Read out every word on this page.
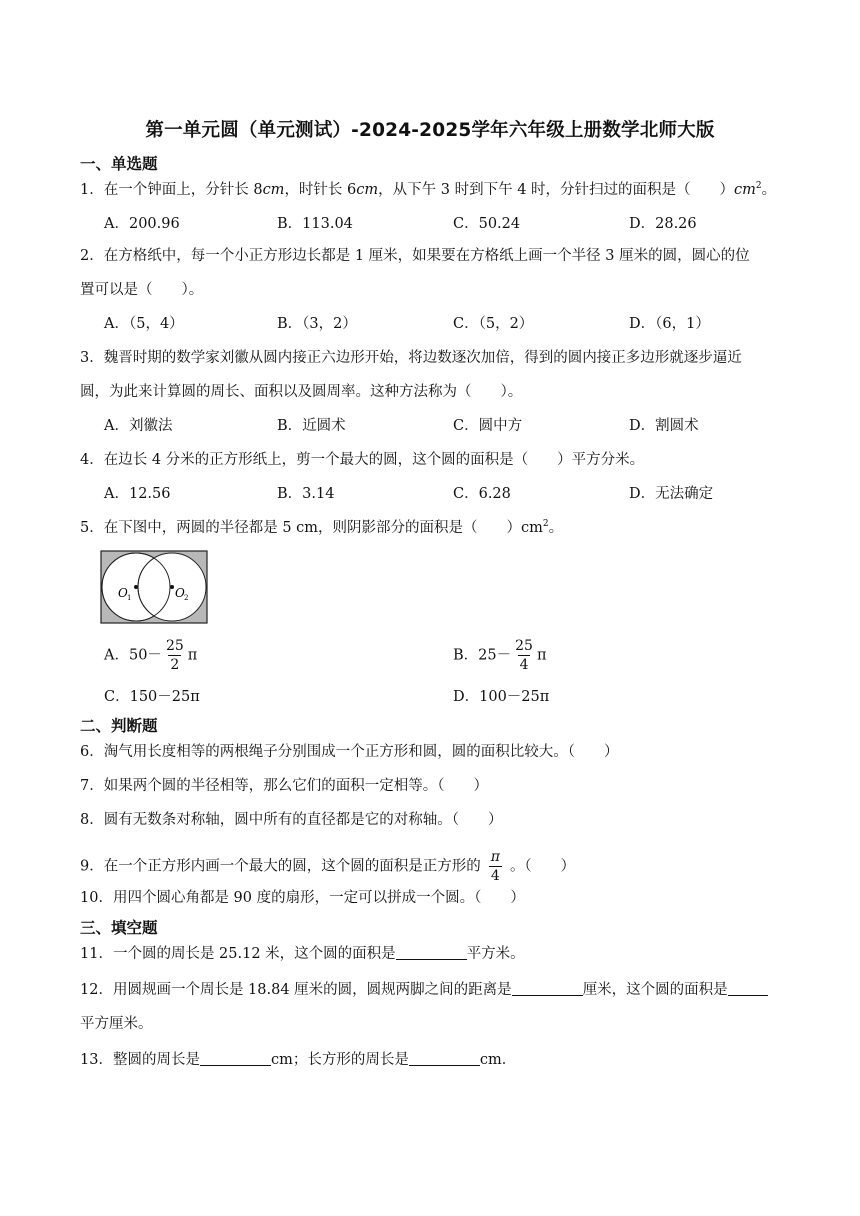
第一单元圆（单元测试）-2024-2025学年六年级上册数学北师大版
一、单选题
1．在一个钟面上，分针长 8cm，时针长 6cm，从下午 3 时到下午 4 时，分针扫过的面积是（　　）$cm^2$。
A．200.96	B．113.04	C．50.24	D．28.26
2．在方格纸中，每一个小正方形边长都是 1 厘米，如果要在方格纸上画一个半径 3 厘米的圆，圆心的位
置可以是（　　）。
A．（5，4）	B．（3，2）	C．（5，2）	D．（6，1）
3．魏晋时期的数学家刘徽从圆内接正六边形开始，将边数逐次加倍，得到的圆内接正多边形就逐步逼近
圆，为此来计算圆的周长、面积以及圆周率。这种方法称为（　　）。
A．刘徽法	B．近圆术	C．圆中方	D．割圆术
4．在边长 4 分米的正方形纸上，剪一个最大的圆，这个圆的面积是（　　）平方分米。
A．12.56	B．3.14	C．6.28	D．无法确定
5．在下图中，两圆的半径都是 5 cm，则阴影部分的面积是（　　）$cm^2$。
O 1	O 2
A．$50- \frac{25}{2}$ π	B．$25- \frac{25}{4}$ π
C．150－25π	D．100－25π
二、判断题
6．淘气用长度相等的两根绳子分别围成一个正方形和圆，圆的面积比较大。（　　）
7．如果两个圆的半径相等，那么它们的面积一定相等。（　　）
8．圆有无数条对称轴，圆中所有的直径都是它的对称轴。（　　）
9．在一个正方形内画一个最大的圆，这个圆的面积是正方形的 $\frac{\pi}{4}$ 。（　　）
10．用四个圆心角都是 90 度的扇形，一定可以拼成一个圆。（　　）
三、填空题
11．一个圆的周长是 25.12 米，这个圆的面积是	平方米。
12．用圆规画一个周长是 18.84 厘米的圆，圆规两脚之间的距离是	厘米，这个圆的面积是
平方厘米。
13．整圆的周长是	cm；长方形的周长是	cm．
